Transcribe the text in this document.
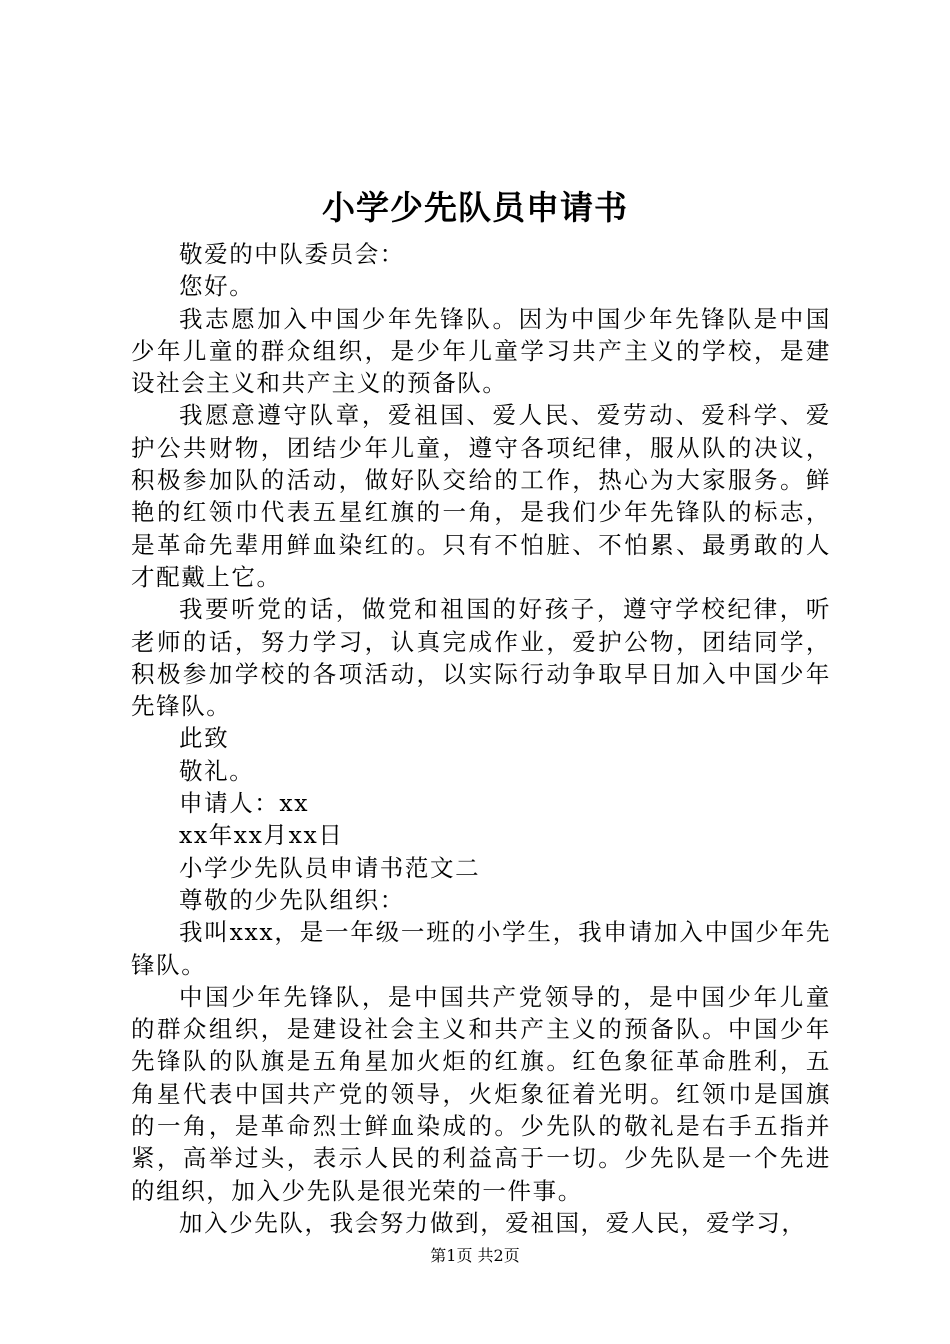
小学少先队员申请书

敬爱的中队委员会：

您好。

我志愿加入中国少年先锋队。因为中国少年先锋队是中国少年儿童的群众组织，是少年儿童学习共产主义的学校，是建设社会主义和共产主义的预备队。

我愿意遵守队章，爱祖国、爱人民、爱劳动、爱科学、爱护公共财物，团结少年儿童，遵守各项纪律，服从队的决议，积极参加队的活动，做好队交给的工作，热心为大家服务。鲜艳的红领巾代表五星红旗的一角，是我们少年先锋队的标志，是革命先辈用鲜血染红的。只有不怕脏、不怕累、最勇敢的人才配戴上它。

我要听党的话，做党和祖国的好孩子，遵守学校纪律，听老师的话，努力学习，认真完成作业，爱护公物，团结同学，积极参加学校的各项活动，以实际行动争取早日加入中国少年先锋队。

此致

敬礼。

申请人：xx

xx年xx月xx日

小学少先队员申请书范文二

尊敬的少先队组织：

我叫xxx，是一年级一班的小学生，我申请加入中国少年先锋队。

中国少年先锋队，是中国共产党领导的，是中国少年儿童的群众组织，是建设社会主义和共产主义的预备队。中国少年先锋队的队旗是五角星加火炬的红旗。红色象征革命胜利，五角星代表中国共产党的领导，火炬象征着光明。红领巾是国旗的一角，是革命烈士鲜血染成的。少先队的敬礼是右手五指并紧，高举过头，表示人民的利益高于一切。少先队是一个先进的组织，加入少先队是很光荣的一件事。

加入少先队，我会努力做到，爱祖国，爱人民，爱学习，

第1页 共2页
